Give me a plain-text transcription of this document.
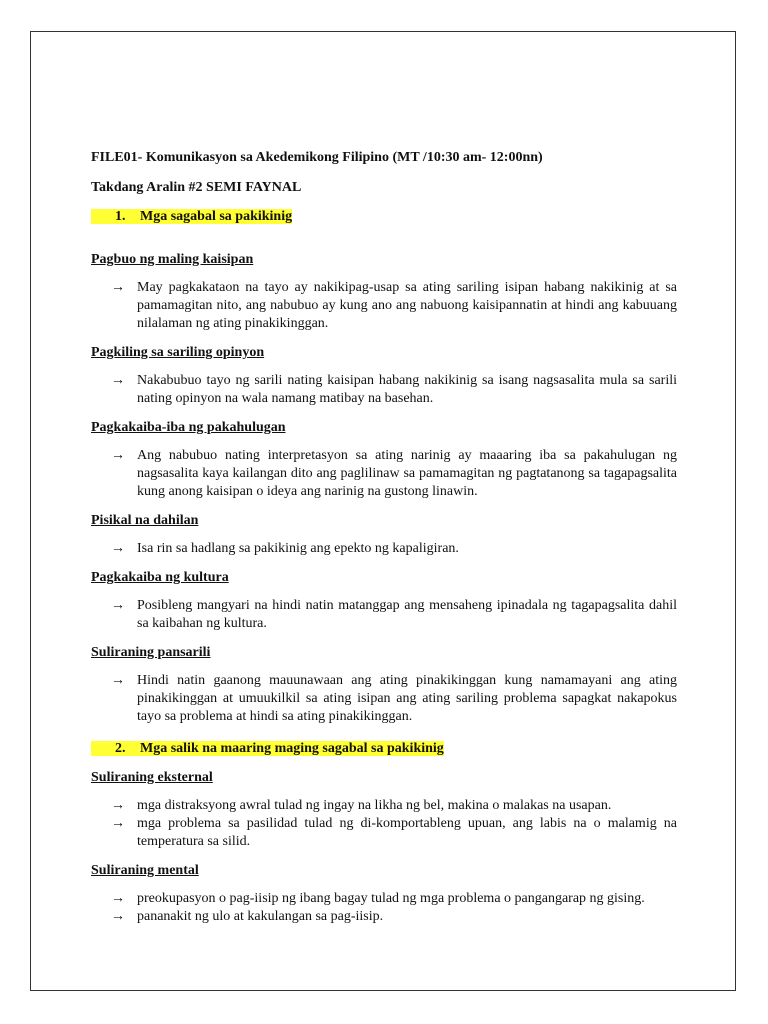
FILE01- Komunikasyon sa Akedemikong Filipino (MT /10:30 am- 12:00nn)
Takdang Aralin #2 SEMI FAYNAL
1. Mga sagabal sa pakikinig
Pagbuo ng maling kaisipan
→ May pagkakataon na tayo ay nakikipag-usap sa ating sariling isipan habang nakikinig at sa pamamagitan nito, ang nabubuo ay kung ano ang nabuong kaisipannatin at hindi ang kabuuang nilalaman ng ating pinakikinggan.
Pagkiling sa sariling opinyon
→ Nakabubuo tayo ng sarili nating kaisipan habang nakikinig sa isang nagsasalita mula sa sarili nating opinyon na wala namang matibay na basehan.
Pagkakaiba-iba ng pakahulugan
→ Ang nabubuo nating interpretasyon sa ating narinig ay maaaring iba sa pakahulugan ng nagsasalita kaya kailangan dito ang paglilinaw sa pamamagitan ng pagtatanong sa tagapagsalita kung anong kaisipan o ideya ang narinig na gustong linawin.
Pisikal na dahilan
→ Isa rin sa hadlang sa pakikinig ang epekto ng kapaligiran.
Pagkakaiba ng kultura
→ Posibleng mangyari na hindi natin matanggap ang mensaheng ipinadala ng tagapagsalita dahil sa kaibahan ng kultura.
Suliraning pansarili
→ Hindi natin gaanong mauunawaan ang ating pinakikinggan kung namamayani ang ating pinakikinggan at umuukilkil sa ating isipan ang ating sariling problema sapagkat nakapokus tayo sa problema at hindi sa ating pinakikinggan.
2. Mga salik na maaring maging sagabal sa pakikinig
Suliraning eksternal
→ mga distraksyong awral tulad ng ingay na likha ng bel, makina o malakas na usapan.
→ mga problema sa pasilidad tulad ng di-komportableng upuan, ang labis na o malamig na temperatura sa silid.
Suliraning mental
→ preokupasyon o pag-iisip ng ibang bagay tulad ng mga problema o pangangarap ng gising.
→ pananakit ng ulo at kakulangan sa pag-iisip.
